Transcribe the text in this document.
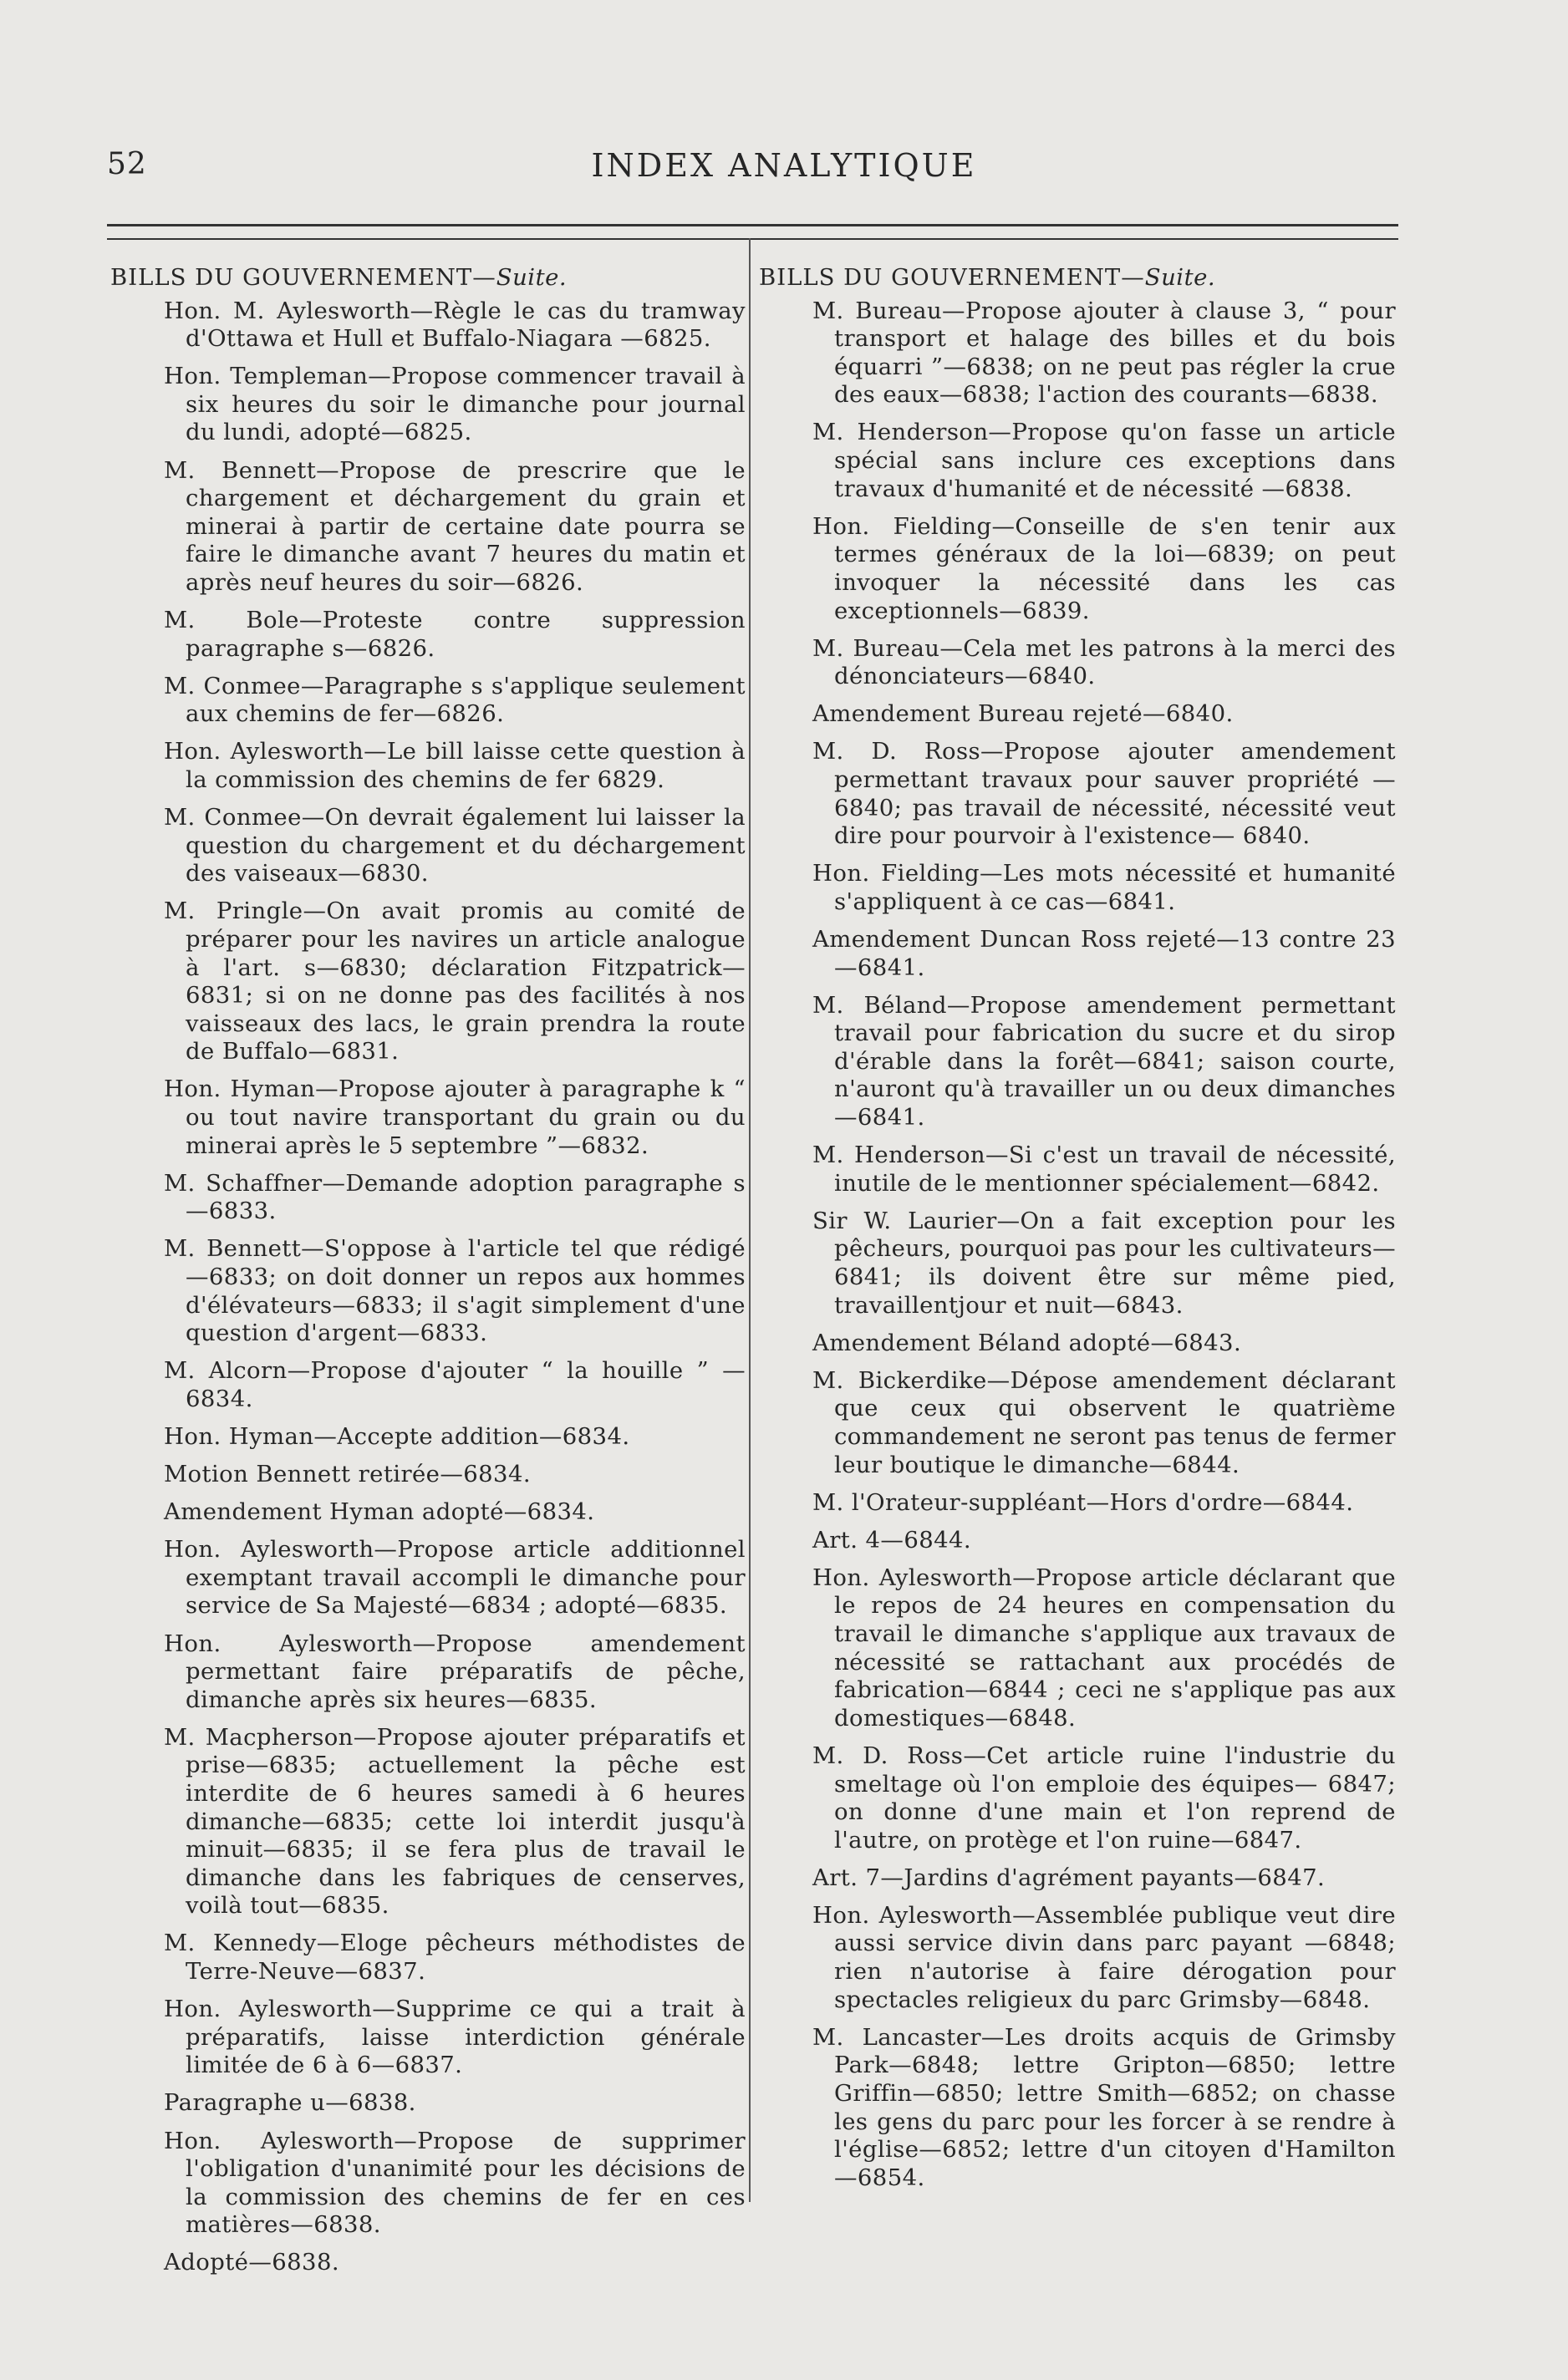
52	INDEX ANALYTIQUE
BILLS DU GOUVERNEMENT—Suite.

Hon. M. Aylesworth—Règle le cas du tramway d'Ottawa et Hull et Buffalo-Niagara —6825.

Hon. Templeman—Propose commencer travail à six heures du soir le dimanche pour journal du lundi, adopté—6825.

M. Bennett—Propose de prescrire que le chargement et déchargement du grain et minerai à partir de certaine date pourra se faire le dimanche avant 7 heures du matin et après neuf heures du soir—6826.

M. Bole—Proteste contre suppression paragraphe s—6826.

M. Conmee—Paragraphe s s'applique seulement aux chemins de fer—6826.

Hon. Aylesworth—Le bill laisse cette question à la commission des chemins de fer 6829.

M. Conmee—On devrait également lui laisser la question du chargement et du déchargement des vaiseaux—6830.

M. Pringle—On avait promis au comité de préparer pour les navires un article analogue à l'art. s—6830; déclaration Fitzpatrick—6831; si on ne donne pas des facilités à nos vaisseaux des lacs, le grain prendra la route de Buffalo—6831.

Hon. Hyman—Propose ajouter à paragraphe k “ ou tout navire transportant du grain ou du minerai après le 5 septembre ”—6832.

M. Schaffner—Demande adoption paragraphe s—6833.

M. Bennett—S'oppose à l'article tel que rédigé—6833; on doit donner un repos aux hommes d'élévateurs—6833; il s'agit simplement d'une question d'argent—6833.

M. Alcorn—Propose d'ajouter “ la houille ” —6834.

Hon. Hyman—Accepte addition—6834.

Motion Bennett retirée—6834.

Amendement Hyman adopté—6834.

Hon. Aylesworth—Propose article additionnel exemptant travail accompli le dimanche pour service de Sa Majesté—6834 ; adopté—6835.

Hon. Aylesworth—Propose amendement permettant faire préparatifs de pêche, dimanche après six heures—6835.

M. Macpherson—Propose ajouter préparatifs et prise—6835; actuellement la pêche est interdite de 6 heures samedi à 6 heures dimanche—6835; cette loi interdit jusqu'à minuit—6835; il se fera plus de travail le dimanche dans les fabriques de censerves, voilà tout—6835.

M. Kennedy—Eloge pêcheurs méthodistes de Terre-Neuve—6837.

Hon. Aylesworth—Supprime ce qui a trait à préparatifs, laisse interdiction générale limitée de 6 à 6—6837.

Paragraphe u—6838.

Hon. Aylesworth—Propose de supprimer l'obligation d'unanimité pour les décisions de la commission des chemins de fer en ces matières—6838.

Adopté—6838.

BILLS DU GOUVERNEMENT—Suite.

M. Bureau—Propose ajouter à clause 3, “ pour transport et halage des billes et du bois équarri ”—6838; on ne peut pas régler la crue des eaux—6838; l'action des courants—6838.

M. Henderson—Propose qu'on fasse un article spécial sans inclure ces exceptions dans travaux d'humanité et de nécessité —6838.

Hon. Fielding—Conseille de s'en tenir aux termes généraux de la loi—6839; on peut invoquer la nécessité dans les cas exceptionnels—6839.

M. Bureau—Cela met les patrons à la merci des dénonciateurs—6840.

Amendement Bureau rejeté—6840.

M. D. Ross—Propose ajouter amendement permettant travaux pour sauver propriété —6840; pas travail de nécessité, nécessité veut dire pour pourvoir à l'existence— 6840.

Hon. Fielding—Les mots nécessité et humanité s'appliquent à ce cas—6841.

Amendement Duncan Ross rejeté—13 contre 23—6841.

M. Béland—Propose amendement permettant travail pour fabrication du sucre et du sirop d'érable dans la forêt—6841; saison courte, n'auront qu'à travailler un ou deux dimanches—6841.

M. Henderson—Si c'est un travail de nécessité, inutile de le mentionner spécialement—6842.

Sir W. Laurier—On a fait exception pour les pêcheurs, pourquoi pas pour les cultivateurs—6841; ils doivent être sur même pied, travaillentjour et nuit—6843.

Amendement Béland adopté—6843.

M. Bickerdike—Dépose amendement déclarant que ceux qui observent le quatrième commandement ne seront pas tenus de fermer leur boutique le dimanche—6844.

M. l'Orateur-suppléant—Hors d'ordre—6844.

Art. 4—6844.

Hon. Aylesworth—Propose article déclarant que le repos de 24 heures en compensation du travail le dimanche s'applique aux travaux de nécessité se rattachant aux procédés de fabrication—6844 ; ceci ne s'applique pas aux domestiques—6848.

M. D. Ross—Cet article ruine l'industrie du smeltage où l'on emploie des équipes— 6847; on donne d'une main et l'on reprend de l'autre, on protège et l'on ruine—6847.

Art. 7—Jardins d'agrément payants—6847.

Hon. Aylesworth—Assemblée publique veut dire aussi service divin dans parc payant —6848; rien n'autorise à faire dérogation pour spectacles religieux du parc Grimsby—6848.

M. Lancaster—Les droits acquis de Grimsby Park—6848; lettre Gripton—6850; lettre Griffin—6850; lettre Smith—6852; on chasse les gens du parc pour les forcer à se rendre à l'église—6852; lettre d'un citoyen d'Hamilton—6854.
